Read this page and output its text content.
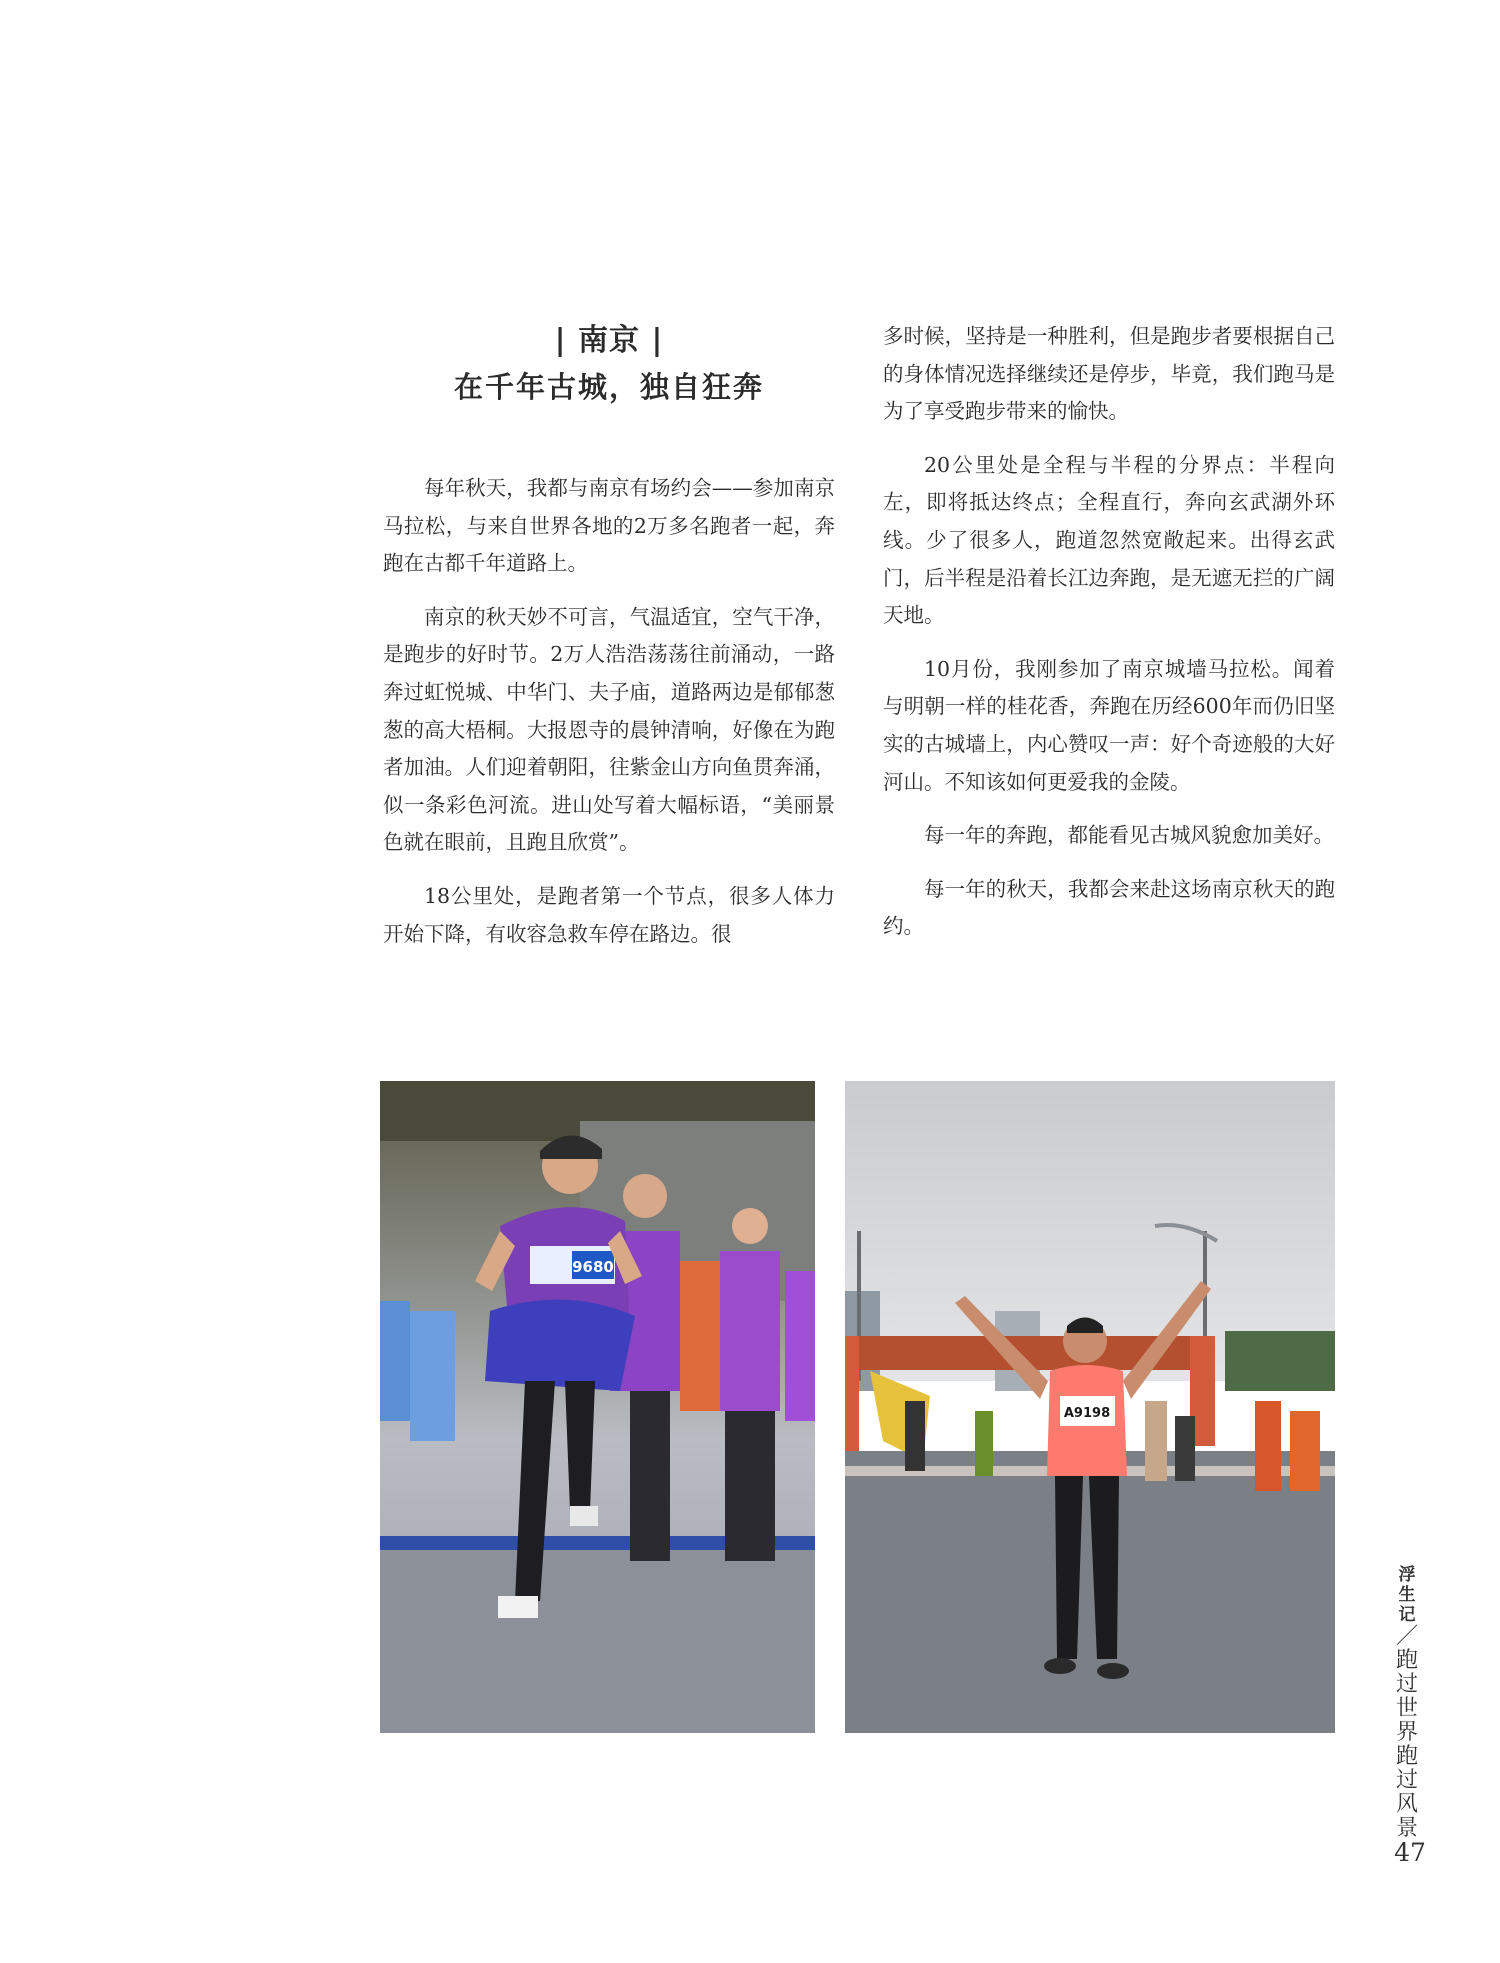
| 南京 |
在千年古城，独自狂奔

每年秋天，我都与南京有场约会——参加南京马拉松，与来自世界各地的2万多名跑者一起，奔跑在古都千年道路上。

南京的秋天妙不可言，气温适宜，空气干净，是跑步的好时节。2万人浩浩荡荡往前涌动，一路奔过虹悦城、中华门、夫子庙，道路两边是郁郁葱葱的高大梧桐。大报恩寺的晨钟清响，好像在为跑者加油。人们迎着朝阳，往紫金山方向鱼贯奔涌，似一条彩色河流。进山处写着大幅标语，“美丽景色就在眼前，且跑且欣赏”。

18公里处，是跑者第一个节点，很多人体力开始下降，有收容急救车停在路边。很

多时候，坚持是一种胜利，但是跑步者要根据自己的身体情况选择继续还是停步，毕竟，我们跑马是为了享受跑步带来的愉快。

20公里处是全程与半程的分界点：半程向左，即将抵达终点；全程直行，奔向玄武湖外环线。少了很多人，跑道忽然宽敞起来。出得玄武门，后半程是沿着长江边奔跑，是无遮无拦的广阔天地。

10月份，我刚参加了南京城墙马拉松。闻着与明朝一样的桂花香，奔跑在历经600年而仍旧坚实的古城墙上，内心赞叹一声：好个奇迹般的大好河山。不知该如何更爱我的金陵。

每一年的奔跑，都能看见古城风貌愈加美好。

每一年的秋天，我都会来赴这场南京秋天的跑约。

9680
A9198
浮生记
／
跑过世界 跑过风景
47
